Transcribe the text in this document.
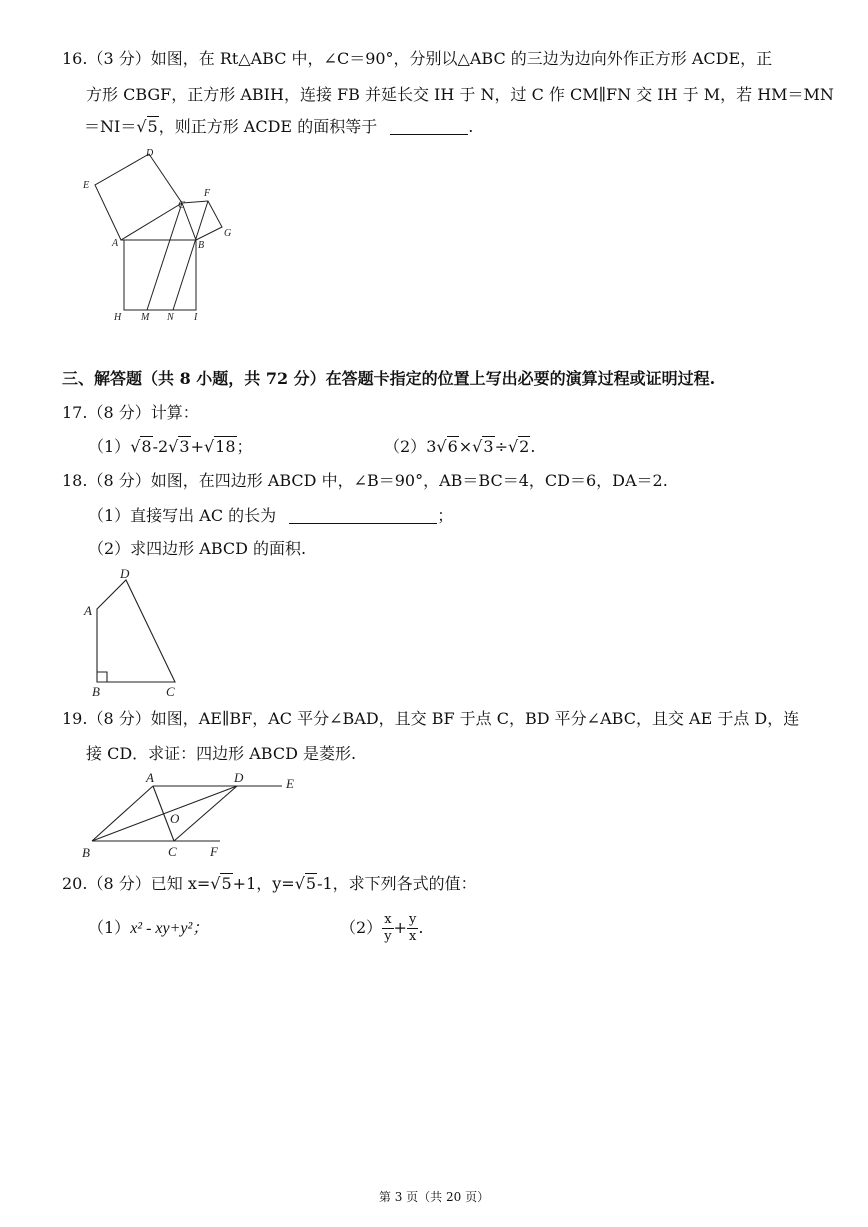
16.（3 分）如图，在 Rt△ABC 中，∠C＝90°，分别以△ABC 的三边为边向外作正方形 ACDE，正
方形 CBGF，正方形 ABIH，连接 FB 并延长交 IH 于 N，过 C 作 CM∥FN 交 IH 于 M，若 HM＝MN
＝NI＝√5，则正方形 ACDE 的面积等于	.
D
E
F
C
A	B
G
H M N I
三、解答题（共 8 小题，共 72 分）在答题卡指定的位置上写出必要的演算过程或证明过程.
17.（8 分）计算：
（1）√8-2√3+√18；	（2）3√6×√3÷√2.
18.（8 分）如图，在四边形 ABCD 中，∠B＝90°，AB＝BC＝4，CD＝6，DA＝2.
（1）直接写出 AC 的长为	；
（2）求四边形 ABCD 的面积.
D
A
B	C
19.（8 分）如图，AE∥BF，AC 平分∠BAD，且交 BF 于点 C，BD 平分∠ABC，且交 AE 于点 D，连
接 CD．求证：四边形 ABCD 是菱形.
A	D	E
O
B	C	F
20.（8 分）已知 x=√5+1，y=√5-1，求下列各式的值：
（1）x² - xy+y²；	$(2) \frac{x}{y} + \frac{y}{x}$ .
第 3 页（共 20 页）
